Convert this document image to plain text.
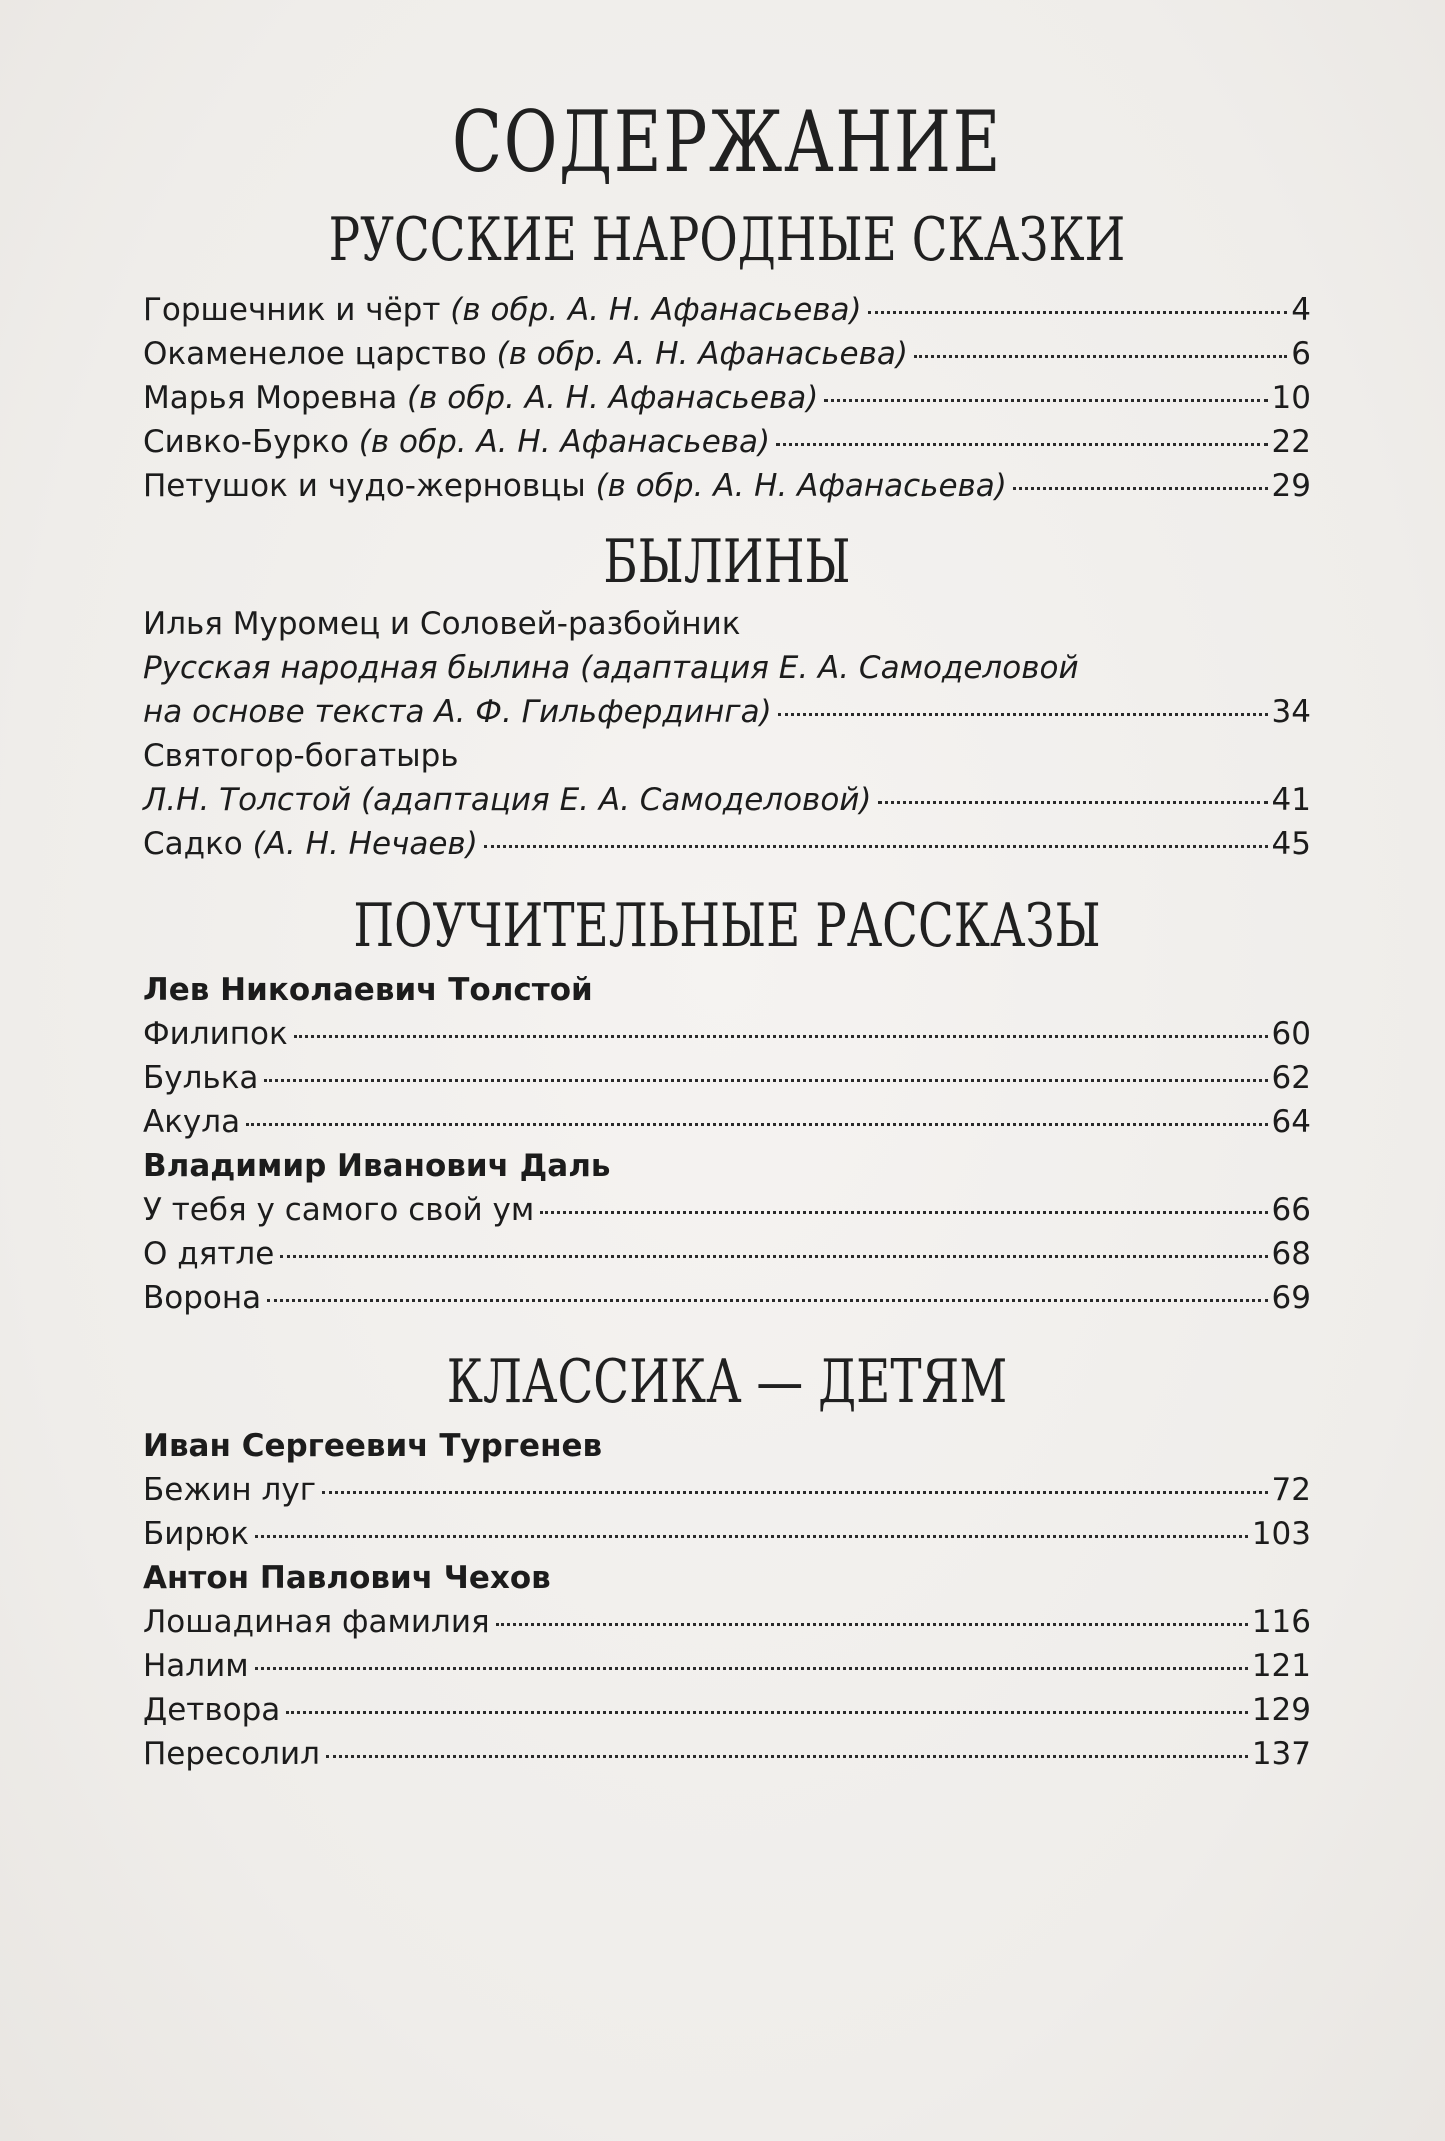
СОДЕРЖАНИЕ
РУССКИЕ НАРОДНЫЕ СКАЗКИ
Горшечник и чёрт (в обр. А. Н. Афанасьева)	4
Окаменелое царство (в обр. А. Н. Афанасьева)	6
Марья Моревна (в обр. А. Н. Афанасьева)	10
Сивко-Бурко (в обр. А. Н. Афанасьева)	22
Петушок и чудо-жерновцы (в обр. А. Н. Афанасьева)	29
БЫЛИНЫ
Илья Муромец и Соловей-разбойник
Русская народная былина (адаптация Е. А. Самоделовой
на основе текста А. Ф. Гильфердинга)	34
Святогор-богатырь
Л.Н. Толстой (адаптация Е. А. Самоделовой)	41
Садко (А. Н. Нечаев)	45
ПОУЧИТЕЛЬНЫЕ РАССКАЗЫ
Лев Николаевич Толстой
Филипок	60
Булька	62
Акула	64
Владимир Иванович Даль
У тебя у самого свой ум	66
О дятле	68
Ворона	69
КЛАССИКА — ДЕТЯМ
Иван Сергеевич Тургенев
Бежин луг	72
Бирюк	103
Антон Павлович Чехов
Лошадиная фамилия	116
Налим	121
Детвора	129
Пересолил	137
